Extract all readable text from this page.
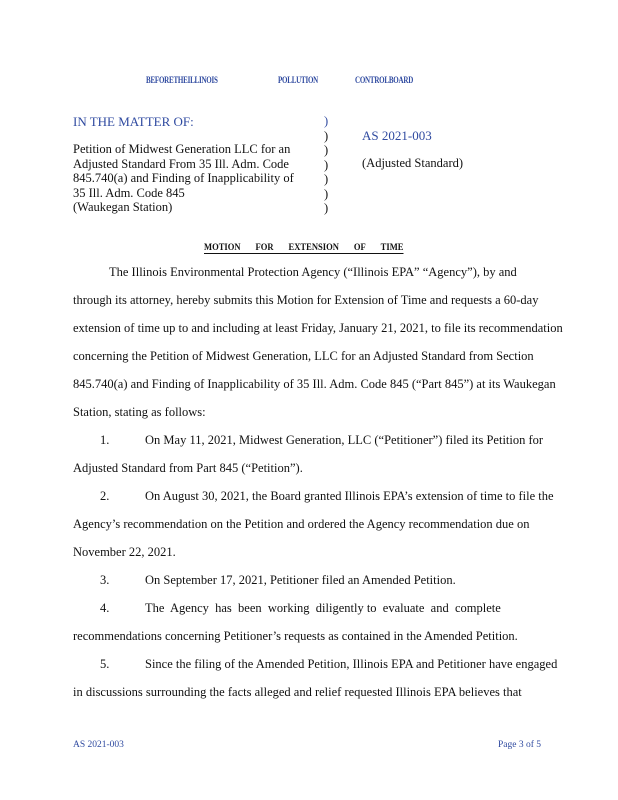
BEFORETHEILLINOIS	POLLUTION	CONTROLBOARD
IN THE MATTER OF:
Petition of Midwest Generation LLC for an
Adjusted Standard From 35 Ill. Adm. Code
845.740(a) and Finding of Inapplicability of
35 Ill. Adm. Code 845
(Waukegan Station)
)
)
)
)
)
)
)
AS 2021-003
(Adjusted Standard)
MOTION FOR EXTENSION OF TIME
The Illinois Environmental Protection Agency (“Illinois EPA” “Agency”), by and
through its attorney, hereby submits this Motion for Extension of Time and requests a 60-day
extension of time up to and including at least Friday, January 21, 2021, to file its recommendation
concerning the Petition of Midwest Generation, LLC for an Adjusted Standard from Section
845.740(a) and Finding of Inapplicability of 35 Ill. Adm. Code 845 (“Part 845”) at its Waukegan
Station, stating as follows:
1.	On May 11, 2021, Midwest Generation, LLC (“Petitioner”) filed its Petition for
Adjusted Standard from Part 845 (“Petition”).
2.	On August 30, 2021, the Board granted Illinois EPA’s extension of time to file the
Agency’s recommendation on the Petition and ordered the Agency recommendation due on
November 22, 2021.
3.	On September 17, 2021, Petitioner filed an Amended Petition.
4.	The  Agency  has  been  working  diligently to  evaluate  and  complete
recommendations concerning Petitioner’s requests as contained in the Amended Petition.
5.	Since the filing of the Amended Petition, Illinois EPA and Petitioner have engaged
in discussions surrounding the facts alleged and relief requested Illinois EPA believes that
AS 2021-003	Page 3 of 5
